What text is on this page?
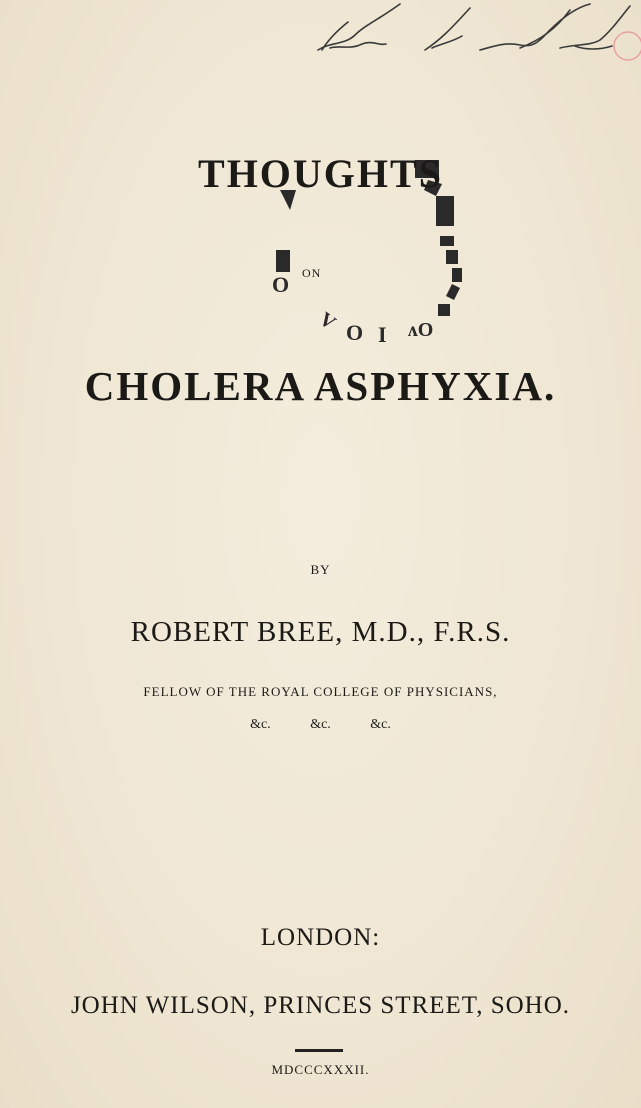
ᴧO
I
O
V
O
THOUGHTS
ON
CHOLERA ASPHYXIA.
BY
ROBERT BREE, M.D., F.R.S.
FELLOW OF THE ROYAL COLLEGE OF PHYSICIANS,
&c.	&c.	&c.
LONDON:
JOHN WILSON, PRINCES STREET, SOHO.
MDCCCXXXII.
